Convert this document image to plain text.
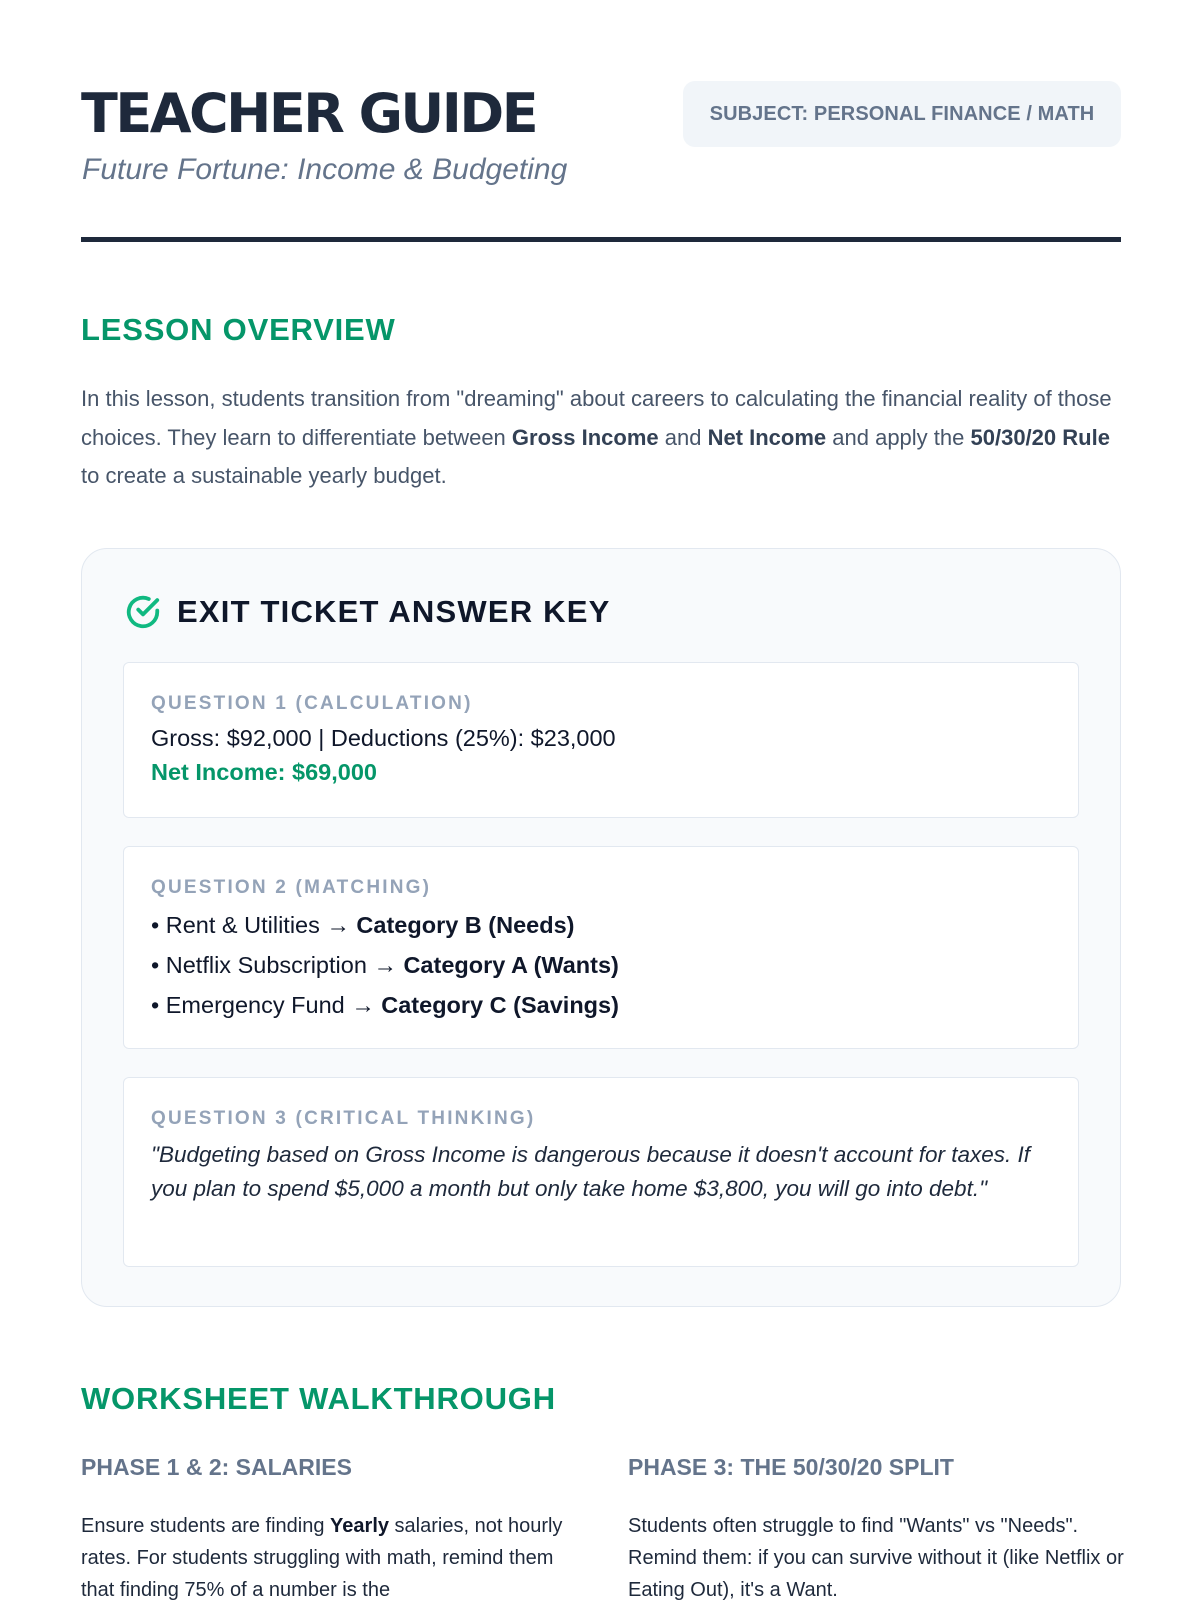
TEACHER GUIDE
Future Fortune: Income & Budgeting
SUBJECT: PERSONAL FINANCE / MATH
LESSON OVERVIEW

In this lesson, students transition from "dreaming" about careers to calculating the financial reality of those choices. They learn to differentiate between Gross Income and Net Income and apply the 50/30/20 Rule to create a sustainable yearly budget.

EXIT TICKET ANSWER KEY
QUESTION 1 (CALCULATION)
Gross: $92,000 | Deductions (25%): $23,000
Net Income: $69,000
QUESTION 2 (MATCHING)
• Rent & Utilities → Category B (Needs)
• Netflix Subscription → Category A (Wants)
• Emergency Fund → Category C (Savings)
QUESTION 3 (CRITICAL THINKING)
"Budgeting based on Gross Income is dangerous because it doesn't account for taxes. If you plan to spend $5,000 a month but only take home $3,800, you will go into debt."
WORKSHEET WALKTHROUGH
PHASE 1 & 2: SALARIES

Ensure students are finding Yearly salaries, not hourly rates. For students struggling with math, remind them that finding 75% of a number is the

PHASE 3: THE 50/30/20 SPLIT

Students often struggle to find "Wants" vs "Needs". Remind them: if you can survive without it (like Netflix or Eating Out), it's a Want.
